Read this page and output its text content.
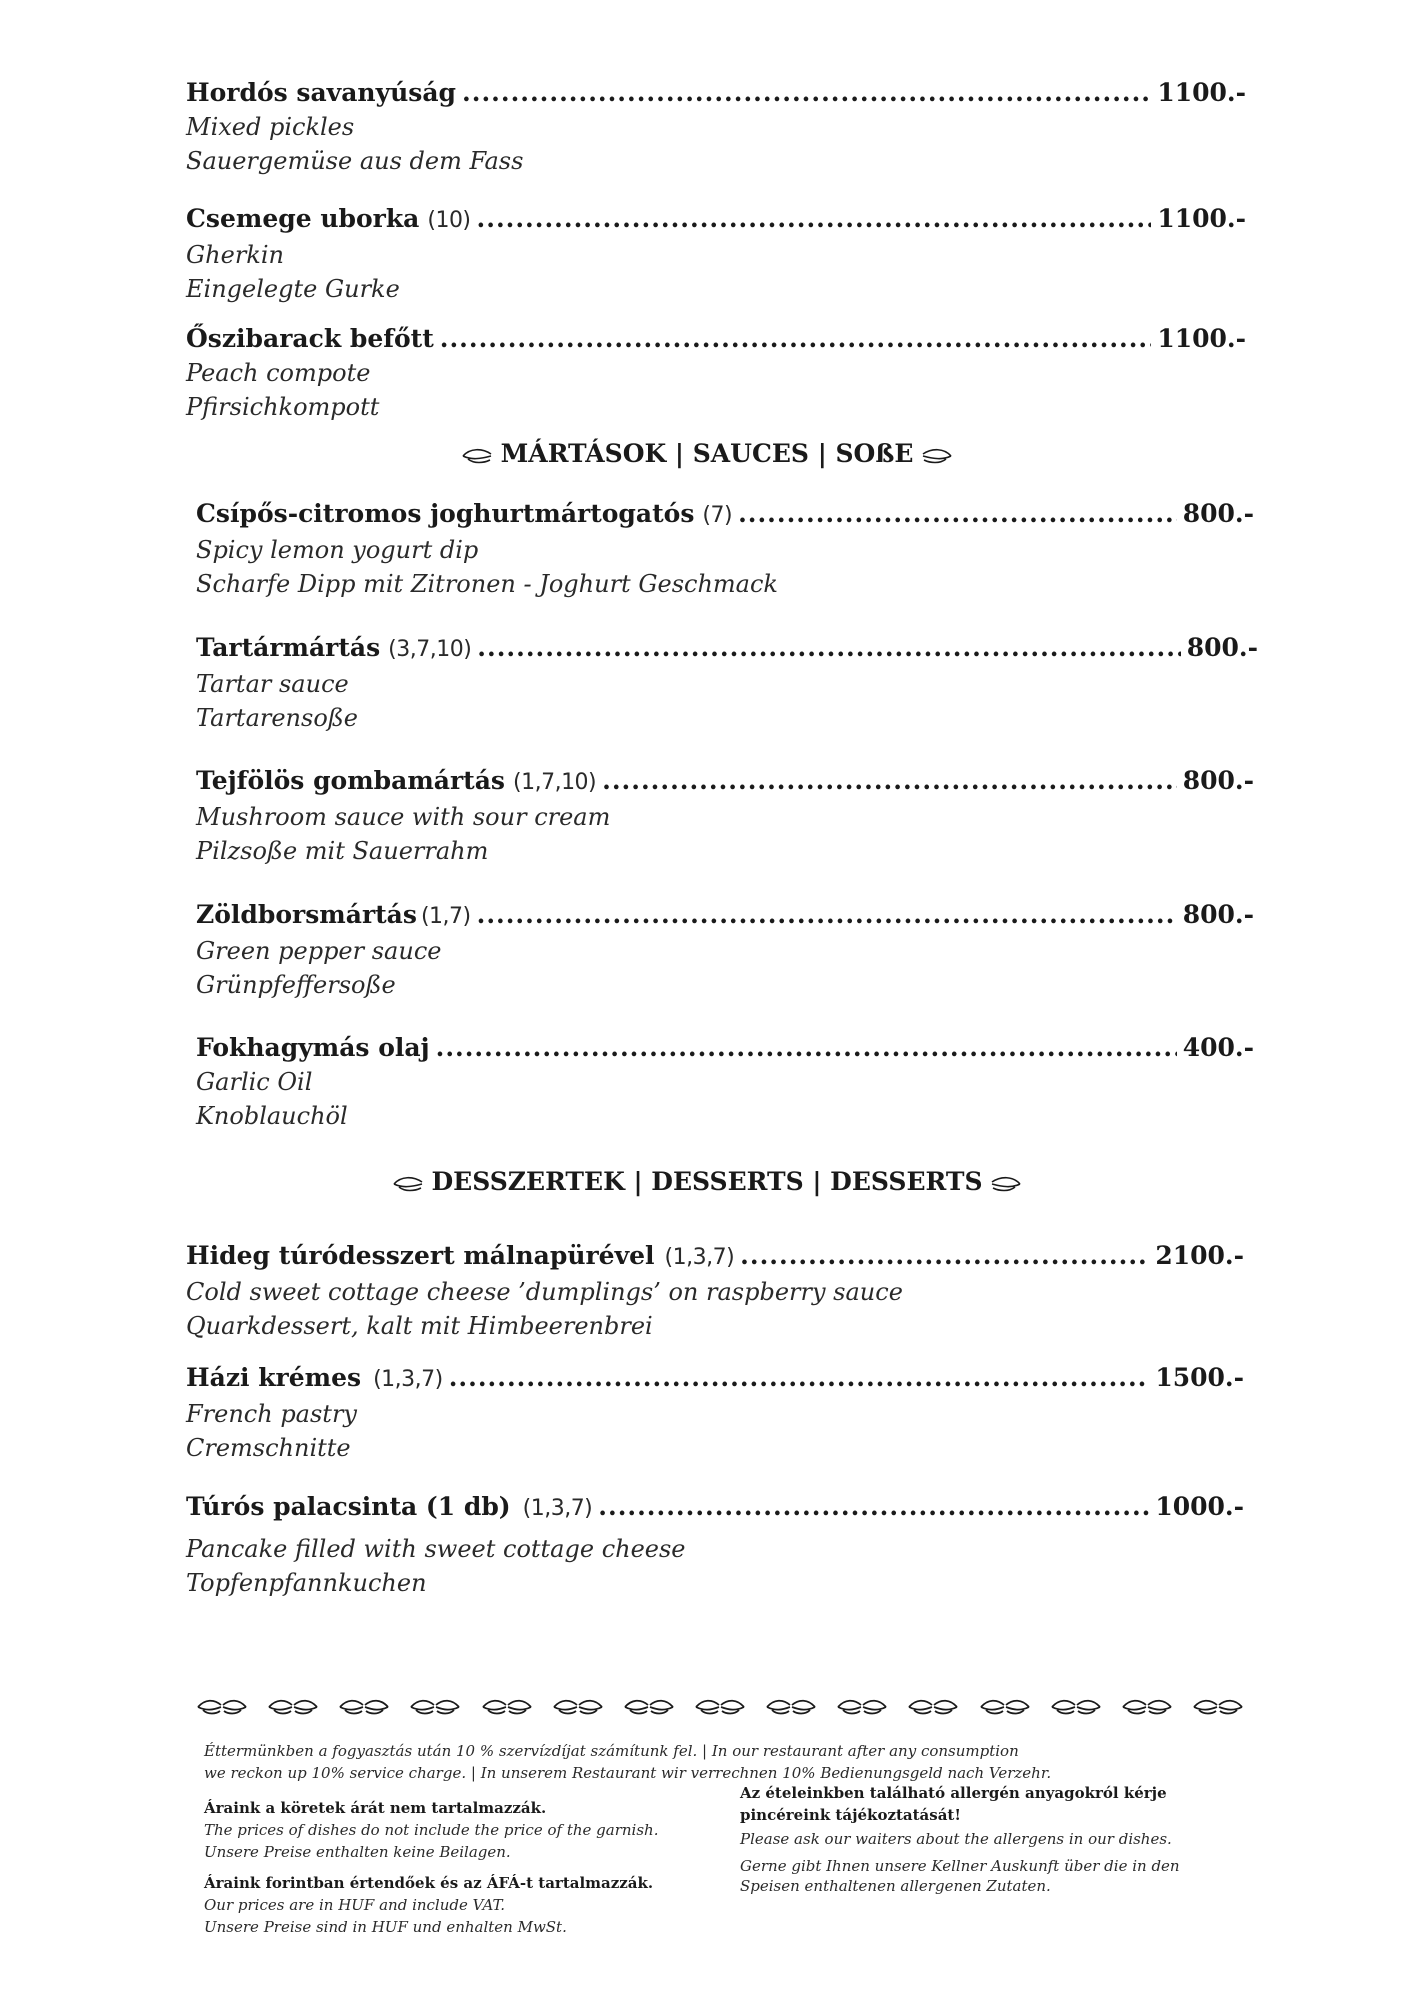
Hordós savanyúság .....	1100.-
Mixed pickles
Sauergemüse aus dem Fass
Csemege uborka (10) .....	1100.-
Gherkin
Eingelegte Gurke
Őszibarack befőtt .....	1100.-
Peach compote
Pfirsichkompott
MÁRTÁSOK | SAUCES | SOßE
Csípős-citromos joghurtmártogatós (7) .....	800.-
Spicy lemon yogurt dip
Scharfe Dipp mit Zitronen - Joghurt Geschmack
Tartármártás (3,7,10) .....	800.-
Tartar sauce
Tartarensoße
Tejfölös gombamártás (1,7,10) .....	800.-
Mushroom sauce with sour cream
Pilzsoße mit Sauerrahm
Zöldborsmártás (1,7) .....	800.-
Green pepper sauce
Grünpfeffersoße
Fokhagymás olaj .....	400.-
Garlic Oil
Knoblauchöl
DESSZERTEK | DESSERTS | DESSERTS
Hideg túródesszert málnapürével (1,3,7) .....	2100.-
Cold sweet cottage cheese ’dumplings’ on raspberry sauce
Quarkdessert, kalt mit Himbeerenbrei
Házi krémes (1,3,7) .....	1500.-
French pastry
Cremschnitte
Túrós palacsinta (1 db) (1,3,7) .....	1000.-
Pancake filled with sweet cottage cheese
Topfenpfannkuchen
Éttermünkben a fogyasztás után 10 % szervízdíjat számítunk fel. | In our restaurant after any consumption
we reckon up 10% service charge. | In unserem Restaurant wir verrechnen 10% Bedienungsgeld nach Verzehr.
Áraink a köretek árát nem tartalmazzák.
The prices of dishes do not include the price of the garnish.
Unsere Preise enthalten keine Beilagen.
Áraink forintban értendőek és az ÁFÁ-t tartalmazzák.
Our prices are in HUF and include VAT.
Unsere Preise sind in HUF und enhalten MwSt.
Az ételeinkben található allergén anyagokról kérje
pincéreink tájékoztatását!
Please ask our waiters about the allergens in our dishes.
Gerne gibt Ihnen unsere Kellner Auskunft über die in den
Speisen enthaltenen allergenen Zutaten.
